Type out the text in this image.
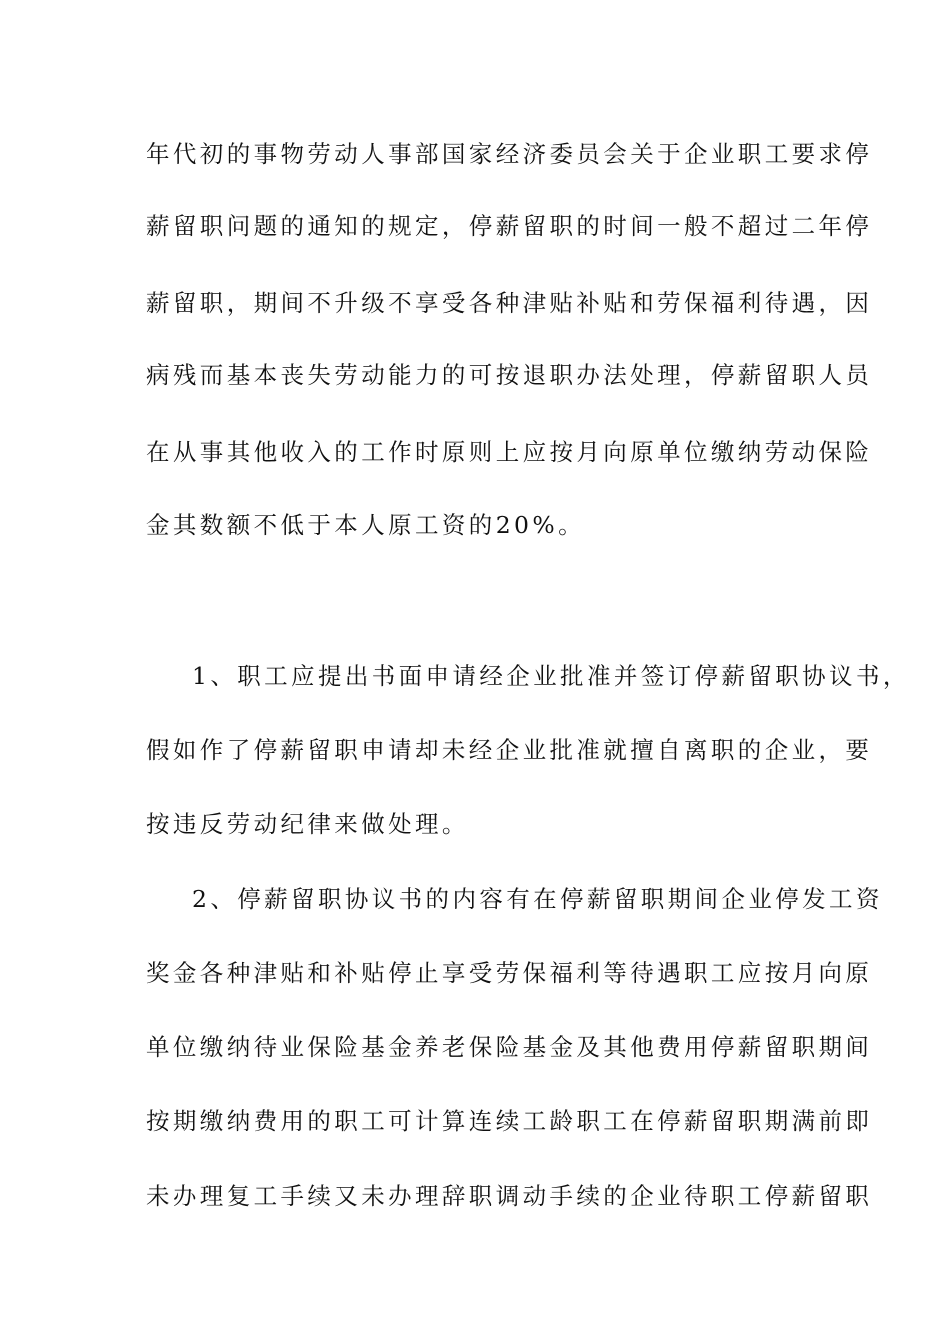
年代初的事物劳动人事部国家经济委员会关于企业职工要求停
薪留职问题的通知的规定，停薪留职的时间一般不超过二年停
薪留职，期间不升级不享受各种津贴补贴和劳保福利待遇，因
病残而基本丧失劳动能力的可按退职办法处理，停薪留职人员
在从事其他收入的工作时原则上应按月向原单位缴纳劳动保险
金其数额不低于本人原工资的20%。
1、职工应提出书面申请经企业批准并签订停薪留职协议书，
假如作了停薪留职申请却未经企业批准就擅自离职的企业，要
按违反劳动纪律来做处理。
2、停薪留职协议书的内容有在停薪留职期间企业停发工资
奖金各种津贴和补贴停止享受劳保福利等待遇职工应按月向原
单位缴纳待业保险基金养老保险基金及其他费用停薪留职期间
按期缴纳费用的职工可计算连续工龄职工在停薪留职期满前即
未办理复工手续又未办理辞职调动手续的企业待职工停薪留职
